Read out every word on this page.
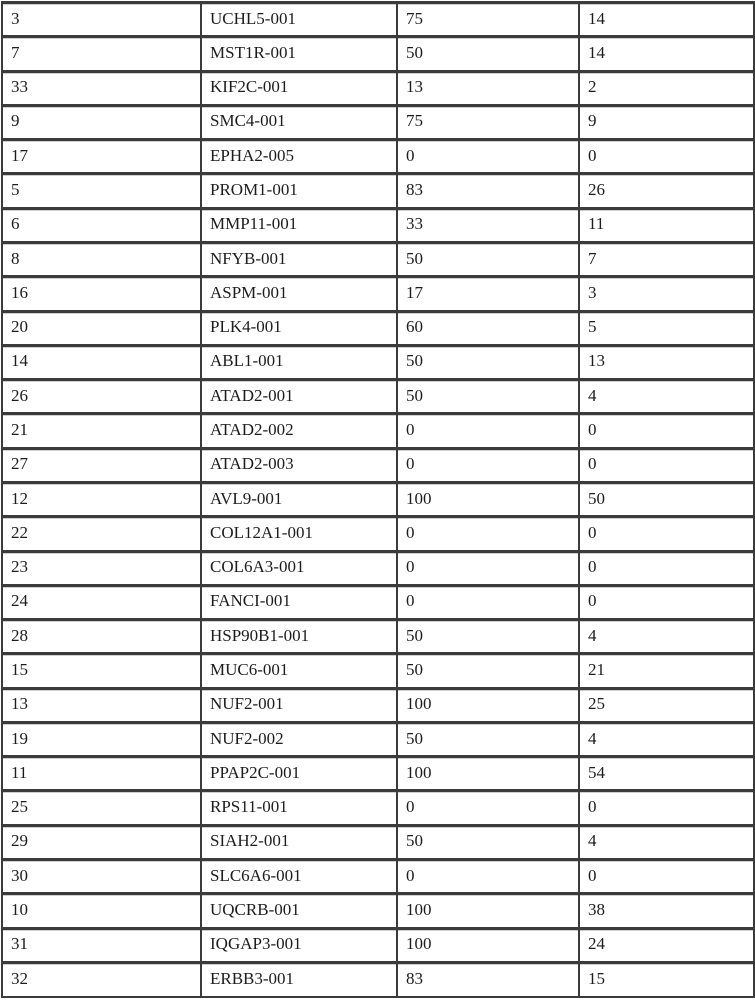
3	UCHL5-001	75	14
7	MST1R-001	50	14
33	KIF2C-001	13	2
9	SMC4-001	75	9
17	EPHA2-005	0	0
5	PROM1-001	83	26
6	MMP11-001	33	11
8	NFYB-001	50	7
16	ASPM-001	17	3
20	PLK4-001	60	5
14	ABL1-001	50	13
26	ATAD2-001	50	4
21	ATAD2-002	0	0
27	ATAD2-003	0	0
12	AVL9-001	100	50
22	COL12A1-001	0	0
23	COL6A3-001	0	0
24	FANCI-001	0	0
28	HSP90B1-001	50	4
15	MUC6-001	50	21
13	NUF2-001	100	25
19	NUF2-002	50	4
11	PPAP2C-001	100	54
25	RPS11-001	0	0
29	SIAH2-001	50	4
30	SLC6A6-001	0	0
10	UQCRB-001	100	38
31	IQGAP3-001	100	24
32	ERBB3-001	83	15
